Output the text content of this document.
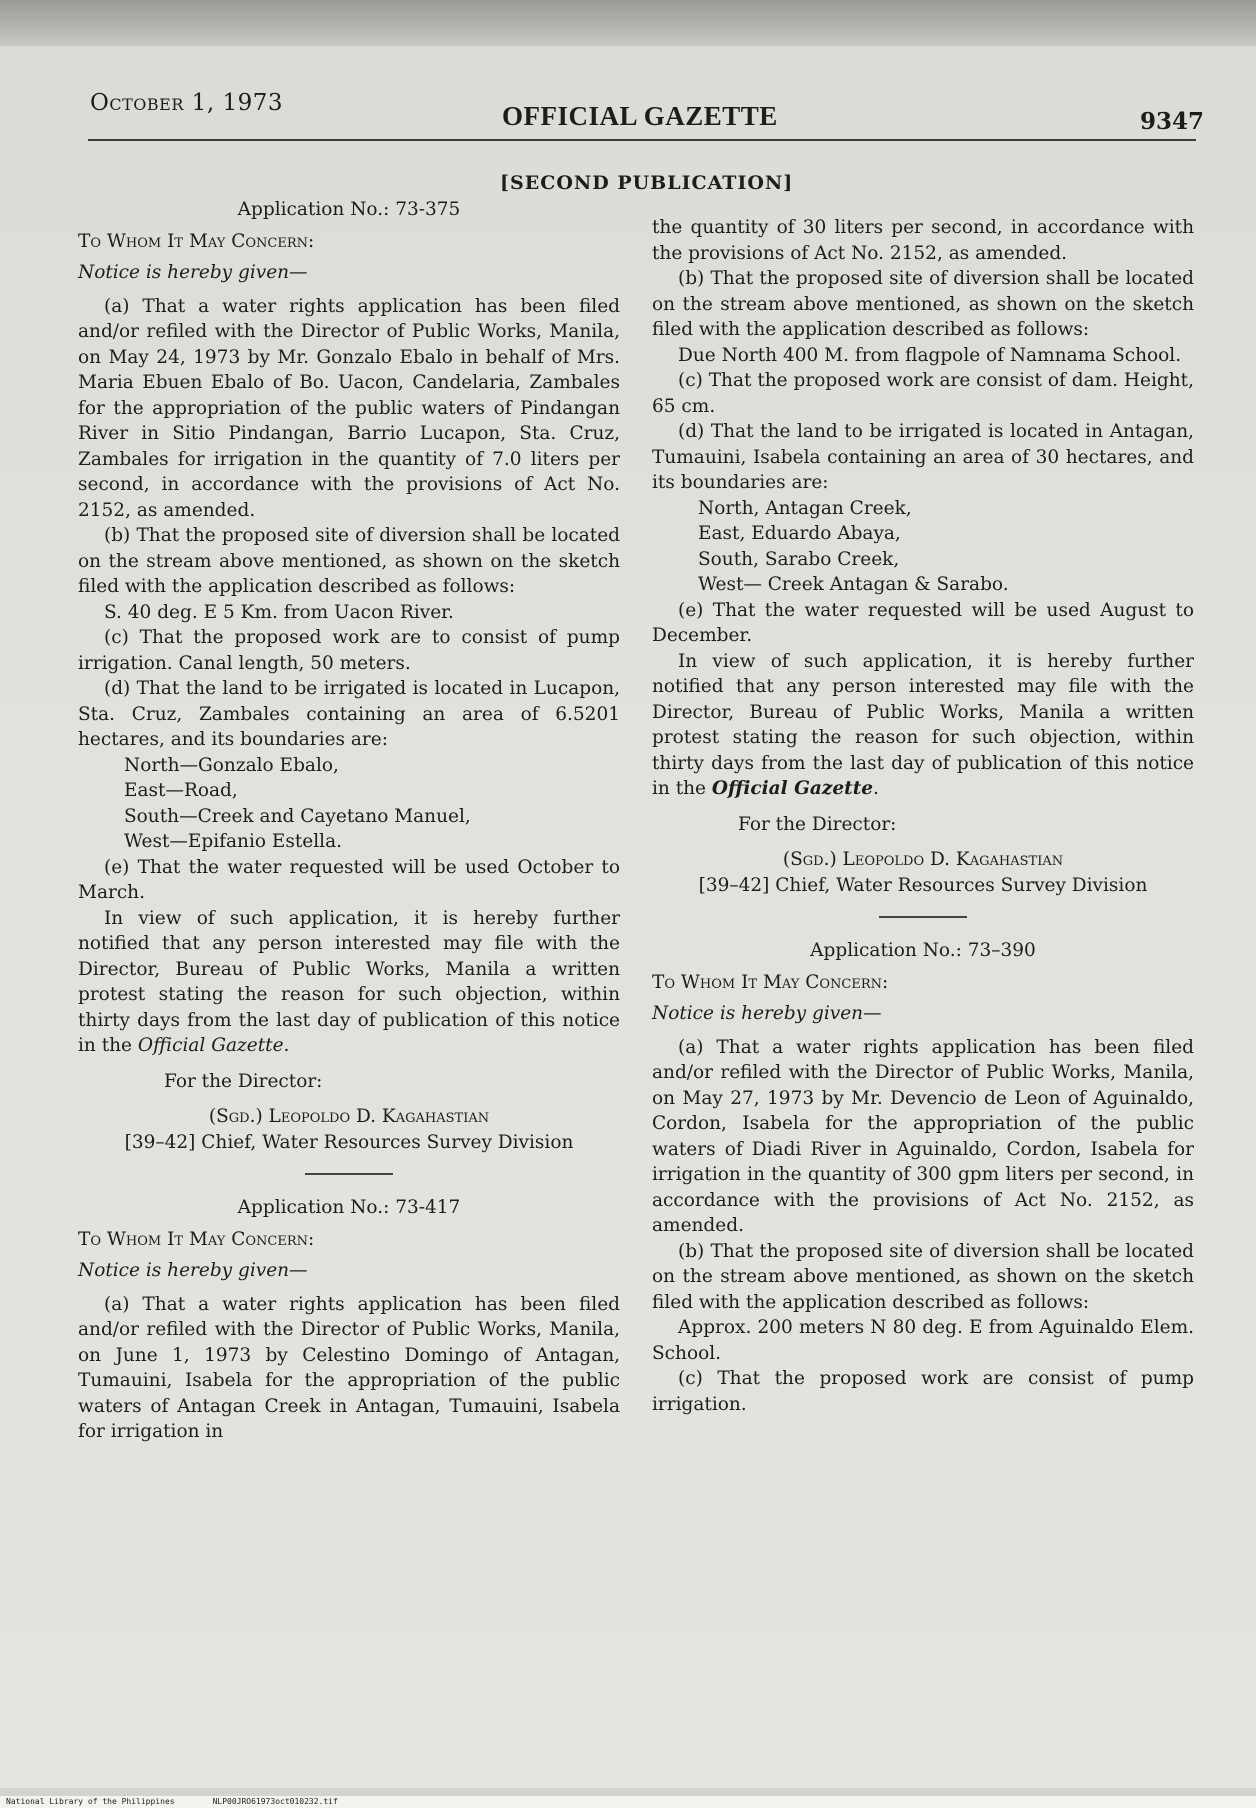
October 1, 1973	OFFICIAL GAZETTE	9347
[SECOND PUBLICATION]

Application No.: 73-375

To Whom It May Concern:

Notice is hereby given—

(a) That a water rights application has been filed and/or refiled with the Director of Public Works, Manila, on May 24, 1973 by Mr. Gonzalo Ebalo in behalf of Mrs. Maria Ebuen Ebalo of Bo. Uacon, Candelaria, Zambales for the appropriation of the public waters of Pindangan River in Sitio Pindangan, Barrio Lucapon, Sta. Cruz, Zambales for irrigation in the quantity of 7.0 liters per second, in accordance with the provisions of Act No. 2152, as amended.

(b) That the proposed site of diversion shall be located on the stream above mentioned, as shown on the sketch filed with the application described as follows:

S. 40 deg. E 5 Km. from Uacon River.

(c) That the proposed work are to consist of pump irrigation. Canal length, 50 meters.

(d) That the land to be irrigated is located in Lucapon, Sta. Cruz, Zambales containing an area of 6.5201 hectares, and its boundaries are:

North—Gonzalo Ebalo,

East—Road,

South—Creek and Cayetano Manuel,

West—Epifanio Estella.

(e) That the water requested will be used October to March.

In view of such application, it is hereby further notified that any person interested may file with the Director, Bureau of Public Works, Manila a written protest stating the reason for such objection, within thirty days from the last day of publication of this notice in the Official Gazette.

For the Director:

(Sgd.) Leopoldo D. Kagahastian

[39–42] Chief, Water Resources Survey Division

Application No.: 73-417

To Whom It May Concern:

Notice is hereby given—

(a) That a water rights application has been filed and/or refiled with the Director of Public Works, Manila, on June 1, 1973 by Celestino Domingo of Antagan, Tumauini, Isabela for the appropriation of the public waters of Antagan Creek in Antagan, Tumauini, Isabela for irrigation in

the quantity of 30 liters per second, in accordance with the provisions of Act No. 2152, as amended.

(b) That the proposed site of diversion shall be located on the stream above mentioned, as shown on the sketch filed with the application described as follows:

Due North 400 M. from flagpole of Namnama School.

(c) That the proposed work are consist of dam. Height, 65 cm.

(d) That the land to be irrigated is located in Antagan, Tumauini, Isabela containing an area of 30 hectares, and its boundaries are:

North, Antagan Creek,

East, Eduardo Abaya,

South, Sarabo Creek,

West— Creek Antagan & Sarabo.

(e) That the water requested will be used August to December.

In view of such application, it is hereby further notified that any person interested may file with the Director, Bureau of Public Works, Manila a written protest stating the reason for such objection, within thirty days from the last day of publication of this notice in the Official Gazette.

For the Director:

(Sgd.) Leopoldo D. Kagahastian

[39–42] Chief, Water Resources Survey Division

Application No.: 73–390

To Whom It May Concern:

Notice is hereby given—

(a) That a water rights application has been filed and/or refiled with the Director of Public Works, Manila, on May 27, 1973 by Mr. Devencio de Leon of Aguinaldo, Cordon, Isabela for the appropriation of the public waters of Diadi River in Aguinaldo, Cordon, Isabela for irrigation in the quantity of 300 gpm liters per second, in accordance with the provisions of Act No. 2152, as amended.

(b) That the proposed site of diversion shall be located on the stream above mentioned, as shown on the sketch filed with the application described as follows:

Approx. 200 meters N 80 deg. E from Aguinaldo Elem. School.

(c) That the proposed work are consist of pump irrigation.

National Library of the Philippines	NLP00JRO61973oct010232.tif
